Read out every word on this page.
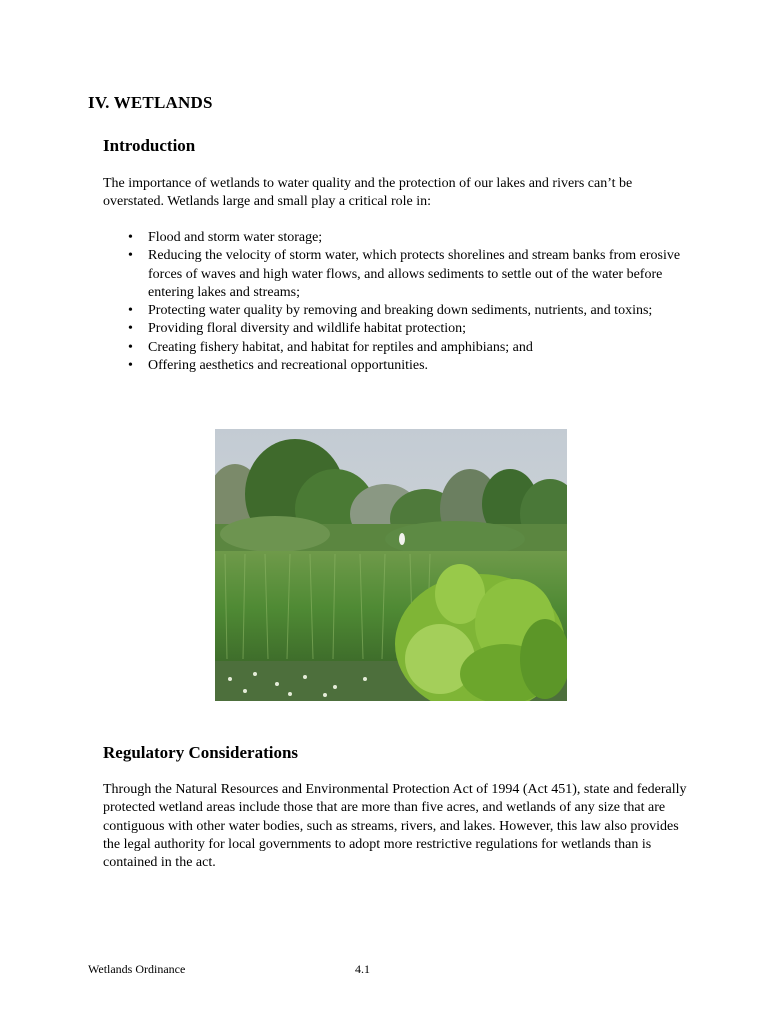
IV. WETLANDS
Introduction

The importance of wetlands to water quality and the protection of our lakes and rivers can’t be overstated. Wetlands large and small play a critical role in:

• Flood and storm water storage;
• Reducing the velocity of storm water, which protects shorelines and stream banks from erosive forces of waves and high water flows, and allows sediments to settle out of the water before entering lakes and streams;
• Protecting water quality by removing and breaking down sediments, nutrients, and toxins;
• Providing floral diversity and wildlife habitat protection;
• Creating fishery habitat, and habitat for reptiles and amphibians; and
• Offering aesthetics and recreational opportunities.
Regulatory Considerations

Through the Natural Resources and Environmental Protection Act of 1994 (Act 451), state and federally protected wetland areas include those that are more than five acres, and wetlands of any size that are contiguous with other water bodies, such as streams, rivers, and lakes. However, this law also provides the legal authority for local governments to adopt more restrictive regulations for wetlands than is contained in the act.

Wetlands Ordinance	4.1
